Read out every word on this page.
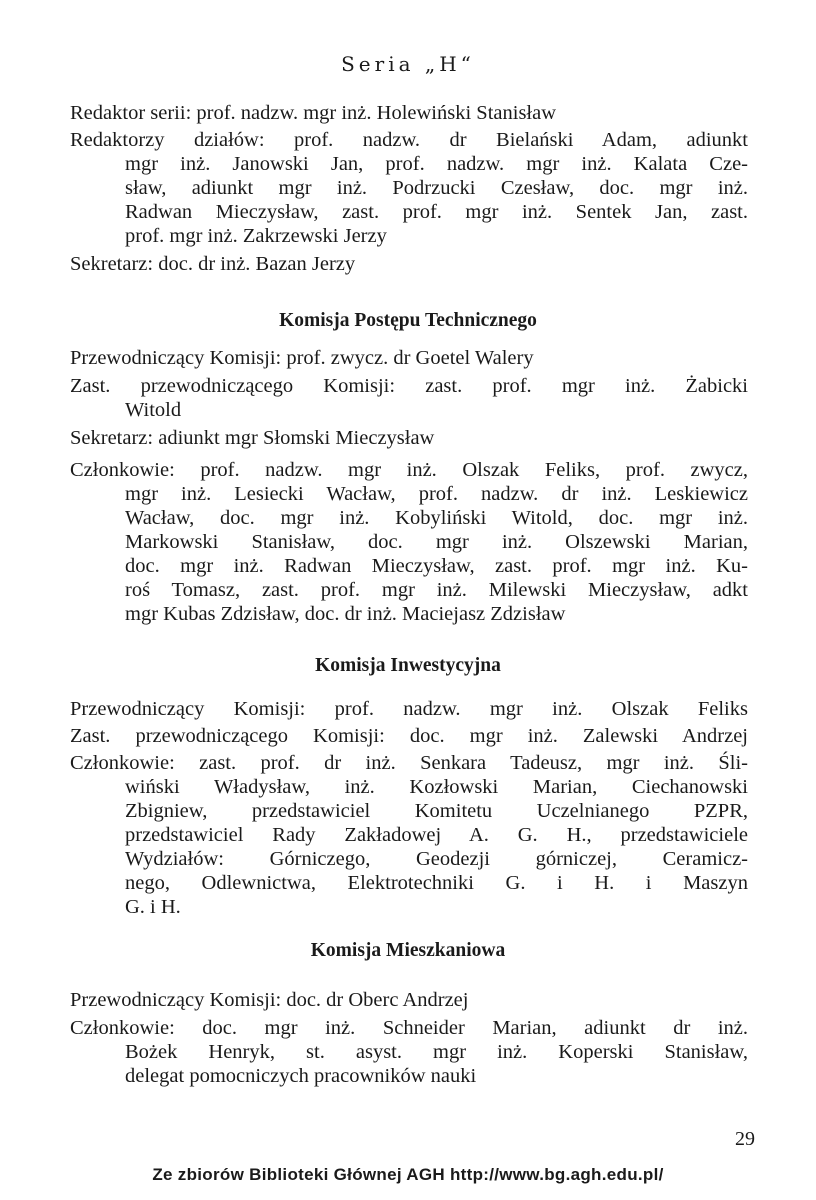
Seria „H“
Redaktor serii: prof. nadzw. mgr inż. Holewiński Stanisław
Redaktorzy działów: prof. nadzw. dr Bielański Adam, adiunkt
mgr inż. Janowski Jan, prof. nadzw. mgr inż. Kalata Cze-
sław, adiunkt mgr inż. Podrzucki Czesław, doc. mgr inż.
Radwan Mieczysław, zast. prof. mgr inż. Sentek Jan, zast.
prof. mgr inż. Zakrzewski Jerzy
Sekretarz: doc. dr inż. Bazan Jerzy
Komisja Postępu Technicznego
Przewodniczący Komisji: prof. zwycz. dr Goetel Walery
Zast. przewodniczącego Komisji: zast. prof. mgr inż. Żabicki
Witold
Sekretarz: adiunkt mgr Słomski Mieczysław
Członkowie: prof. nadzw. mgr inż. Olszak Feliks, prof. zwycz,
mgr inż. Lesiecki Wacław, prof. nadzw. dr inż. Leskiewicz
Wacław, doc. mgr inż. Kobyliński Witold, doc. mgr inż.
Markowski Stanisław, doc. mgr inż. Olszewski Marian,
doc. mgr inż. Radwan Mieczysław, zast. prof. mgr inż. Ku-
roś Tomasz, zast. prof. mgr inż. Milewski Mieczysław, adkt
mgr Kubas Zdzisław, doc. dr inż. Maciejasz Zdzisław
Komisja Inwestycyjna
Przewodniczący Komisji: prof. nadzw. mgr inż. Olszak Feliks
Zast. przewodniczącego Komisji: doc. mgr inż. Zalewski Andrzej
Członkowie: zast. prof. dr inż. Senkara Tadeusz, mgr inż. Śli-
wiński Władysław, inż. Kozłowski Marian, Ciechanowski
Zbigniew, przedstawiciel Komitetu Uczelnianego PZPR,
przedstawiciel Rady Zakładowej A. G. H., przedstawiciele
Wydziałów: Górniczego, Geodezji górniczej, Ceramicz-
nego, Odlewnictwa, Elektrotechniki G. i H. i Maszyn
G. i H.
Komisja Mieszkaniowa
Przewodniczący Komisji: doc. dr Oberc Andrzej
Członkowie: doc. mgr inż. Schneider Marian, adiunkt dr inż.
Bożek Henryk, st. asyst. mgr inż. Koperski Stanisław,
delegat pomocniczych pracowników nauki
29
Ze zbiorów Biblioteki Głównej AGH http://www.bg.agh.edu.pl/
